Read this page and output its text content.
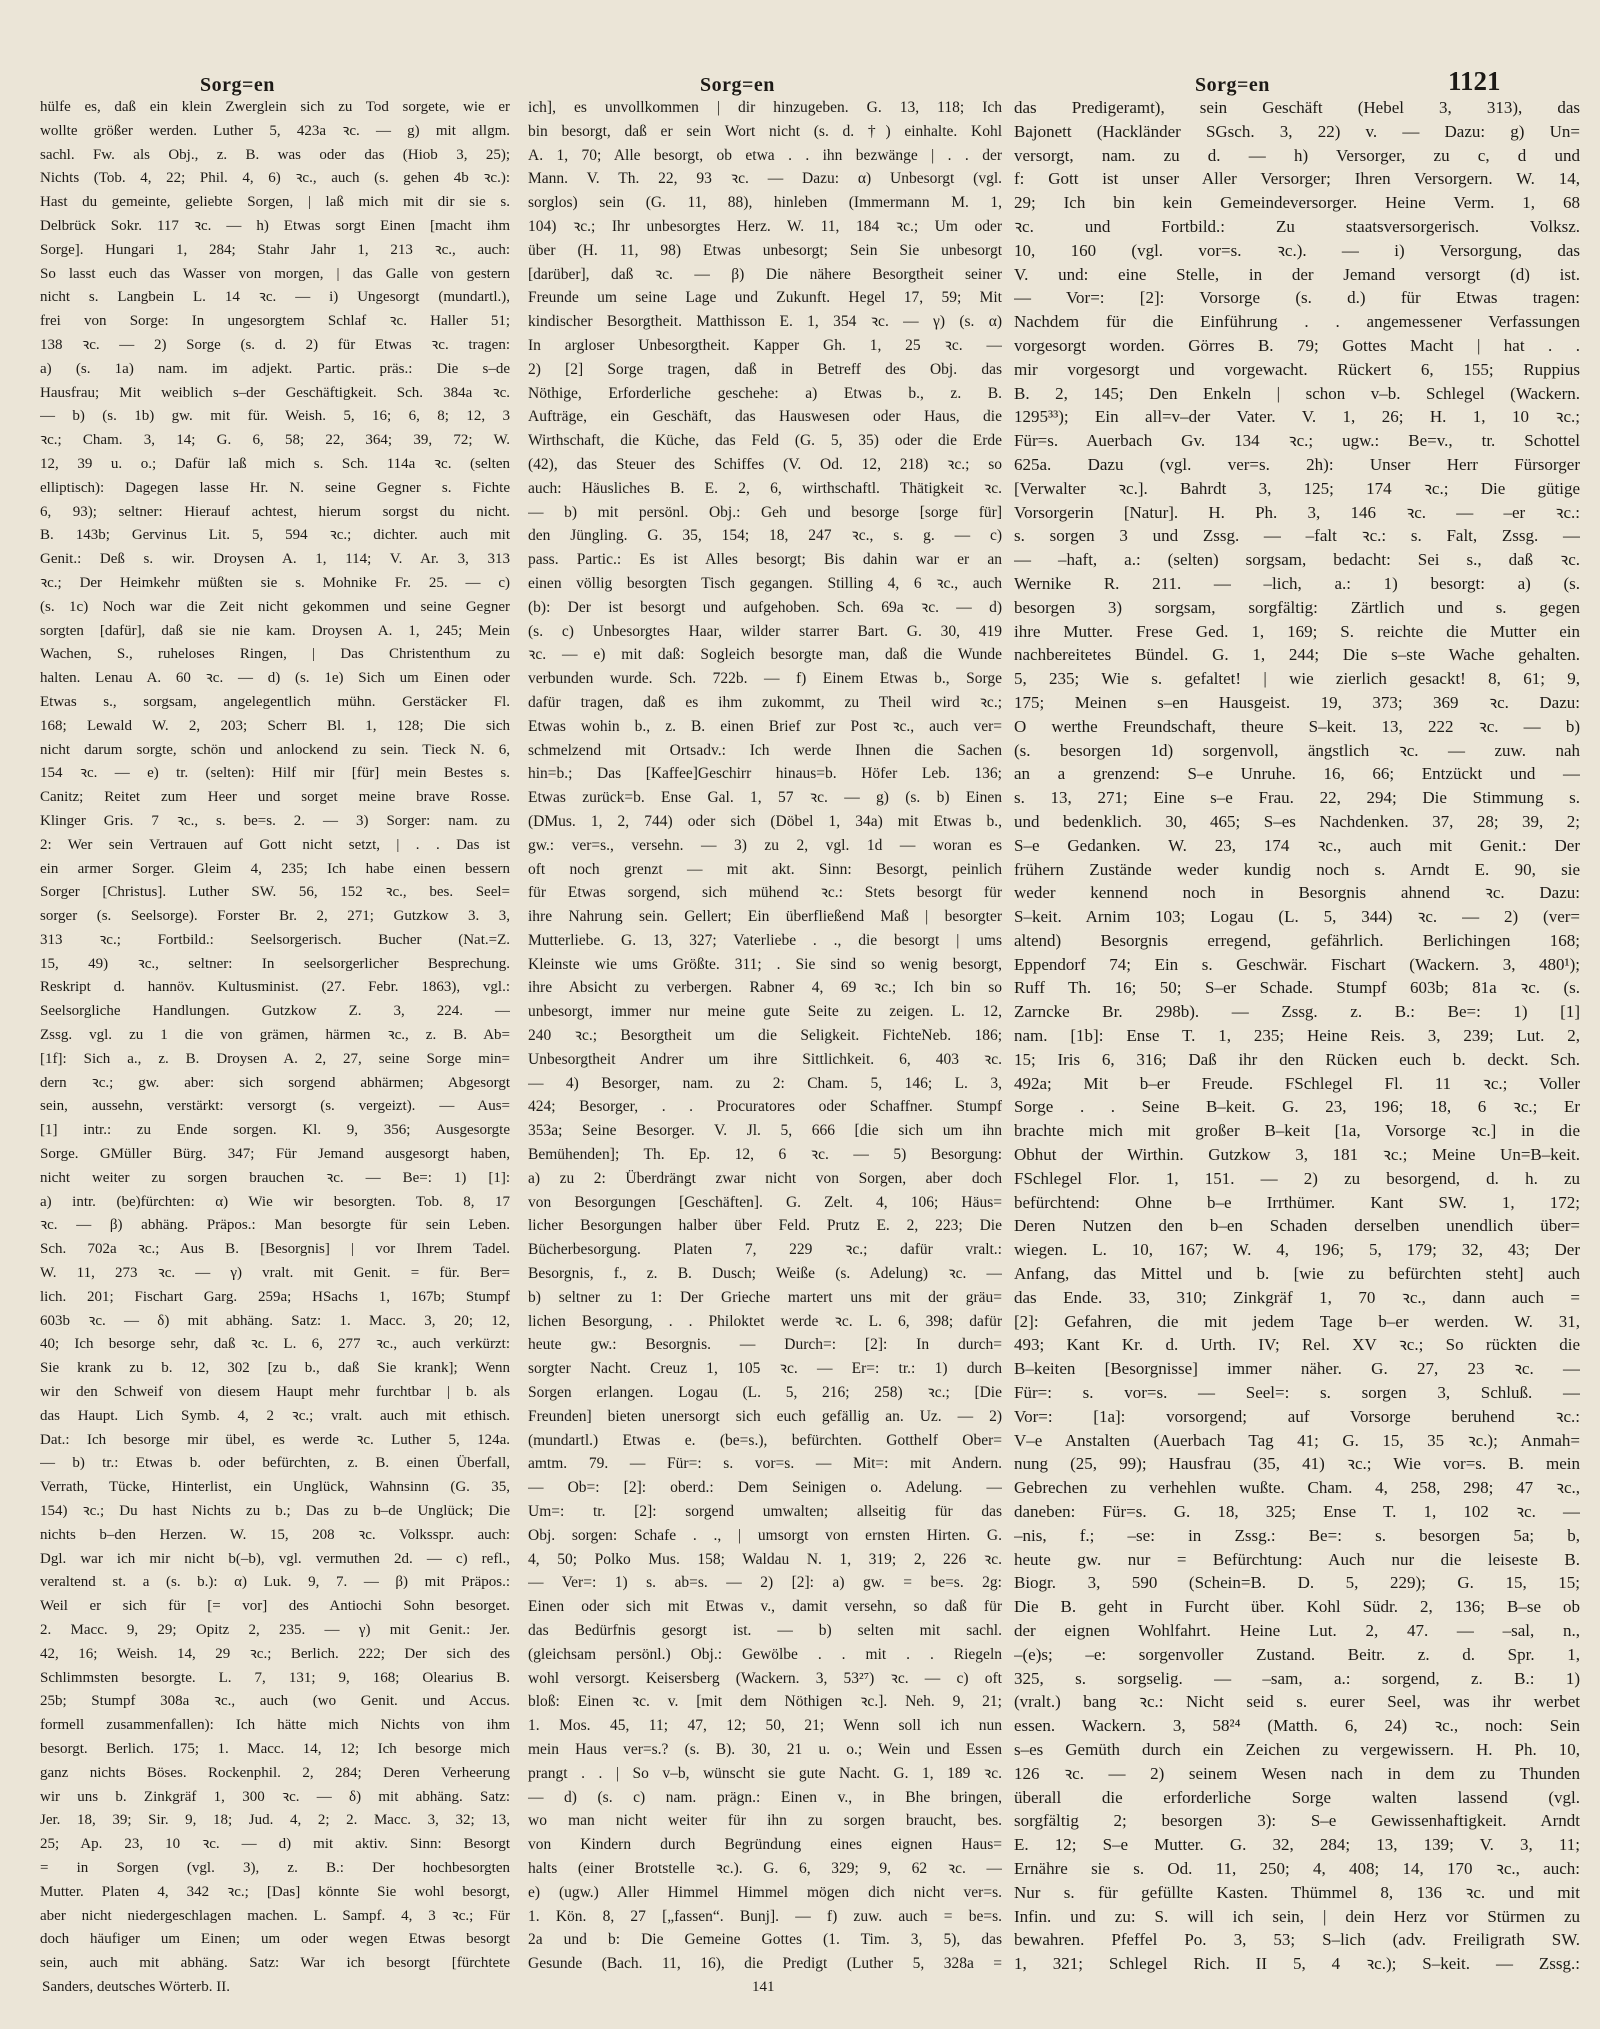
Sorg=en	Sorg=en	Sorg=en	1121
hülfe es, daß ein klein Zwerglein sich zu Tod sorgete, wie er
wollte größer werden. Luther 5, 423a ꝛc. — g) mit allgm.
sachl. Fw. als Obj., z. B. was oder das (Hiob 3, 25);
Nichts (Tob. 4, 22; Phil. 4, 6) ꝛc., auch (s. gehen 4b ꝛc.):
Hast du gemeinte, geliebte Sorgen, | laß mich mit dir sie s.
Delbrück Sokr. 117 ꝛc. — h) Etwas sorgt Einen [macht ihm
Sorge]. Hungari 1, 284; Stahr Jahr 1, 213 ꝛc., auch:
So lasst euch das Wasser von morgen, | das Galle von gestern
nicht s. Langbein L. 14 ꝛc. — i) Ungesorgt (mundartl.),
frei von Sorge: In ungesorgtem Schlaf ꝛc. Haller 51;
138 ꝛc. — 2) Sorge (s. d. 2) für Etwas ꝛc. tragen:
a) (s. 1a) nam. im adjekt. Partic. präs.: Die s–de
Hausfrau; Mit weiblich s–der Geschäftigkeit. Sch. 384a ꝛc.
— b) (s. 1b) gw. mit für. Weish. 5, 16; 6, 8; 12, 3
ꝛc.; Cham. 3, 14; G. 6, 58; 22, 364; 39, 72; W.
12, 39 u. o.; Dafür laß mich s. Sch. 114a ꝛc. (selten
elliptisch): Dagegen lasse Hr. N. seine Gegner s. Fichte
6, 93); seltner: Hierauf achtest, hierum sorgst du nicht.
B. 143b; Gervinus Lit. 5, 594 ꝛc.; dichter. auch mit
Genit.: Deß s. wir. Droysen A. 1, 114; V. Ar. 3, 313
ꝛc.; Der Heimkehr müßten sie s. Mohnike Fr. 25. — c)
(s. 1c) Noch war die Zeit nicht gekommen und seine Gegner
sorgten [dafür], daß sie nie kam. Droysen A. 1, 245; Mein
Wachen, S., ruheloses Ringen, | Das Christenthum zu
halten. Lenau A. 60 ꝛc. — d) (s. 1e) Sich um Einen oder
Etwas s., sorgsam, angelegentlich mühn. Gerstäcker Fl.
168; Lewald W. 2, 203; Scherr Bl. 1, 128; Die sich
nicht darum sorgte, schön und anlockend zu sein. Tieck N. 6,
154 ꝛc. — e) tr. (selten): Hilf mir [für] mein Bestes s.
Canitz; Reitet zum Heer und sorget meine brave Rosse.
Klinger Gris. 7 ꝛc., s. be=s. 2. — 3) Sorger: nam. zu
2: Wer sein Vertrauen auf Gott nicht setzt, | . . Das ist
ein armer Sorger. Gleim 4, 235; Ich habe einen bessern
Sorger [Christus]. Luther SW. 56, 152 ꝛc., bes. Seel=
sorger (s. Seelsorge). Forster Br. 2, 271; Gutzkow 3. 3,
313 ꝛc.; Fortbild.: Seelsorgerisch. Bucher (Nat.=Z.
15, 49) ꝛc., seltner: In seelsorgerlicher Besprechung.
Reskript d. hannöv. Kultusminist. (27. Febr. 1863), vgl.:
Seelsorgliche Handlungen. Gutzkow Z. 3, 224. —
Zssg. vgl. zu 1 die von grämen, härmen ꝛc., z. B. Ab=
[1f]: Sich a., z. B. Droysen A. 2, 27, seine Sorge min=
dern ꝛc.; gw. aber: sich sorgend abhärmen; Abgesorgt
sein, aussehn, verstärkt: versorgt (s. vergeizt). — Aus=
[1] intr.: zu Ende sorgen. Kl. 9, 356; Ausgesorgte
Sorge. GMüller Bürg. 347; Für Jemand ausgesorgt haben,
nicht weiter zu sorgen brauchen ꝛc. — Be=: 1) [1]:
a) intr. (be)fürchten: α) Wie wir besorgten. Tob. 8, 17
ꝛc. — β) abhäng. Präpos.: Man besorgte für sein Leben.
Sch. 702a ꝛc.; Aus B. [Besorgnis] | vor Ihrem Tadel.
W. 11, 273 ꝛc. — γ) vralt. mit Genit. = für. Ber=
lich. 201; Fischart Garg. 259a; HSachs 1, 167b; Stumpf
603b ꝛc. — δ) mit abhäng. Satz: 1. Macc. 3, 20; 12,
40; Ich besorge sehr, daß ꝛc. L. 6, 277 ꝛc., auch verkürzt:
Sie krank zu b. 12, 302 [zu b., daß Sie krank]; Wenn
wir den Schweif von diesem Haupt mehr furchtbar | b. als
das Haupt. Lich Symb. 4, 2 ꝛc.; vralt. auch mit ethisch.
Dat.: Ich besorge mir übel, es werde ꝛc. Luther 5, 124a.
— b) tr.: Etwas b. oder befürchten, z. B. einen Überfall,
Verrath, Tücke, Hinterlist, ein Unglück, Wahnsinn (G. 35,
154) ꝛc.; Du hast Nichts zu b.; Das zu b–de Unglück; Die
nichts b–den Herzen. W. 15, 208 ꝛc. Volksspr. auch:
Dgl. war ich mir nicht b(–b), vgl. vermuthen 2d. — c) refl.,
veraltend st. a (s. b.): α) Luk. 9, 7. — β) mit Präpos.:
Weil er sich für [= vor] des Antiochi Sohn besorget.
2. Macc. 9, 29; Opitz 2, 235. — γ) mit Genit.: Jer.
42, 16; Weish. 14, 29 ꝛc.; Berlich. 222; Der sich des
Schlimmsten besorgte. L. 7, 131; 9, 168; Olearius B.
25b; Stumpf 308a ꝛc., auch (wo Genit. und Accus.
formell zusammenfallen): Ich hätte mich Nichts von ihm
besorgt. Berlich. 175; 1. Macc. 14, 12; Ich besorge mich
ganz nichts Böses. Rockenphil. 2, 284; Deren Verheerung
wir uns b. Zinkgräf 1, 300 ꝛc. — δ) mit abhäng. Satz:
Jer. 18, 39; Sir. 9, 18; Jud. 4, 2; 2. Macc. 3, 32; 13,
25; Ap. 23, 10 ꝛc. — d) mit aktiv. Sinn: Besorgt
= in Sorgen (vgl. 3), z. B.: Der hochbesorgten
Mutter. Platen 4, 342 ꝛc.; [Das] könnte Sie wohl besorgt,
aber nicht niedergeschlagen machen. L. Sampf. 4, 3 ꝛc.; Für
doch häufiger um Einen; um oder wegen Etwas besorgt
sein, auch mit abhäng. Satz: War ich besorgt [fürchtete
ich], es unvollkommen | dir hinzugeben. G. 13, 118; Ich
bin besorgt, daß er sein Wort nicht (s. d. †) einhalte. Kohl
A. 1, 70; Alle besorgt, ob etwa . . ihn bezwänge | . . der
Mann. V. Th. 22, 93 ꝛc. — Dazu: α) Unbesorgt (vgl.
sorglos) sein (G. 11, 88), hinleben (Immermann M. 1,
104) ꝛc.; Ihr unbesorgtes Herz. W. 11, 184 ꝛc.; Um oder
über (H. 11, 98) Etwas unbesorgt; Sein Sie unbesorgt
[darüber], daß ꝛc. — β) Die nähere Besorgtheit seiner
Freunde um seine Lage und Zukunft. Hegel 17, 59; Mit
kindischer Besorgtheit. Matthisson E. 1, 354 ꝛc. — γ) (s. α)
In argloser Unbesorgtheit. Kapper Gh. 1, 25 ꝛc. —
2) [2] Sorge tragen, daß in Betreff des Obj. das
Nöthige, Erforderliche geschehe: a) Etwas b., z. B.
Aufträge, ein Geschäft, das Hauswesen oder Haus, die
Wirthschaft, die Küche, das Feld (G. 5, 35) oder die Erde
(42), das Steuer des Schiffes (V. Od. 12, 218) ꝛc.; so
auch: Häusliches B. E. 2, 6, wirthschaftl. Thätigkeit ꝛc.
— b) mit persönl. Obj.: Geh und besorge [sorge für]
den Jüngling. G. 35, 154; 18, 247 ꝛc., s. g. — c)
pass. Partic.: Es ist Alles besorgt; Bis dahin war er an
einen völlig besorgten Tisch gegangen. Stilling 4, 6 ꝛc., auch
(b): Der ist besorgt und aufgehoben. Sch. 69a ꝛc. — d)
(s. c) Unbesorgtes Haar, wilder starrer Bart. G. 30, 419
ꝛc. — e) mit daß: Sogleich besorgte man, daß die Wunde
verbunden wurde. Sch. 722b. — f) Einem Etwas b., Sorge
dafür tragen, daß es ihm zukommt, zu Theil wird ꝛc.;
Etwas wohin b., z. B. einen Brief zur Post ꝛc., auch ver=
schmelzend mit Ortsadv.: Ich werde Ihnen die Sachen
hin=b.; Das [Kaffee]Geschirr hinaus=b. Höfer Leb. 136;
Etwas zurück=b. Ense Gal. 1, 57 ꝛc. — g) (s. b) Einen
(DMus. 1, 2, 744) oder sich (Döbel 1, 34a) mit Etwas b.,
gw.: ver=s., versehn. — 3) zu 2, vgl. 1d — woran es
oft noch grenzt — mit akt. Sinn: Besorgt, peinlich
für Etwas sorgend, sich mühend ꝛc.: Stets besorgt für
ihre Nahrung sein. Gellert; Ein überfließend Maß | besorgter
Mutterliebe. G. 13, 327; Vaterliebe . ., die besorgt | ums
Kleinste wie ums Größte. 311; . Sie sind so wenig besorgt,
ihre Absicht zu verbergen. Rabner 4, 69 ꝛc.; Ich bin so
unbesorgt, immer nur meine gute Seite zu zeigen. L. 12,
240 ꝛc.; Besorgtheit um die Seligkeit. FichteNeb. 186;
Unbesorgtheit Andrer um ihre Sittlichkeit. 6, 403 ꝛc.
— 4) Besorger, nam. zu 2: Cham. 5, 146; L. 3,
424; Besorger, . . Procuratores oder Schaffner. Stumpf
353a; Seine Besorger. V. Jl. 5, 666 [die sich um ihn
Bemühenden]; Th. Ep. 12, 6 ꝛc. — 5) Besorgung:
a) zu 2: Überdrängt zwar nicht von Sorgen, aber doch
von Besorgungen [Geschäften]. G. Zelt. 4, 106; Häus=
licher Besorgungen halber über Feld. Prutz E. 2, 223; Die
Bücherbesorgung. Platen 7, 229 ꝛc.; dafür vralt.:
Besorgnis, f., z. B. Dusch; Weiße (s. Adelung) ꝛc. —
b) seltner zu 1: Der Grieche martert uns mit der gräu=
lichen Besorgung, . . Philoktet werde ꝛc. L. 6, 398; dafür
heute gw.: Besorgnis. — Durch=: [2]: In durch=
sorgter Nacht. Creuz 1, 105 ꝛc. — Er=: tr.: 1) durch
Sorgen erlangen. Logau (L. 5, 216; 258) ꝛc.; [Die
Freunden] bieten unersorgt sich euch gefällig an. Uz. — 2)
(mundartl.) Etwas e. (be=s.), befürchten. Gotthelf Ober=
amtm. 79. — Für=: s. vor=s. — Mit=: mit Andern.
— Ob=: [2]: oberd.: Dem Seinigen o. Adelung. —
Um=: tr. [2]: sorgend umwalten; allseitig für das
Obj. sorgen: Schafe . ., | umsorgt von ernsten Hirten. G.
4, 50; Polko Mus. 158; Waldau N. 1, 319; 2, 226 ꝛc.
— Ver=: 1) s. ab=s. — 2) [2]: a) gw. = be=s. 2g:
Einen oder sich mit Etwas v., damit versehn, so daß für
das Bedürfnis gesorgt ist. — b) selten mit sachl.
(gleichsam persönl.) Obj.: Gewölbe . . mit . . Riegeln
wohl versorgt. Keisersberg (Wackern. 3, 53²⁷) ꝛc. — c) oft
bloß: Einen ꝛc. v. [mit dem Nöthigen ꝛc.]. Neh. 9, 21;
1. Mos. 45, 11; 47, 12; 50, 21; Wenn soll ich nun
mein Haus ver=s.? (s. B). 30, 21 u. o.; Wein und Essen
prangt . . | So v–b, wünscht sie gute Nacht. G. 1, 189 ꝛc.
— d) (s. c) nam. prägn.: Einen v., in Bhe bringen,
wo man nicht weiter für ihn zu sorgen braucht, bes.
von Kindern durch Begründung eines eignen Haus=
halts (einer Brotstelle ꝛc.). G. 6, 329; 9, 62 ꝛc. —
e) (ugw.) Aller Himmel Himmel mögen dich nicht ver=s.
1. Kön. 8, 27 [„fassen“. Bunj]. — f) zuw. auch = be=s.
2a und b: Die Gemeine Gottes (1. Tim. 3, 5), das
Gesunde (Bach. 11, 16), die Predigt (Luther 5, 328a =
das Predigeramt), sein Geschäft (Hebel 3, 313), das
Bajonett (Hackländer SGsch. 3, 22) v. — Dazu: g) Un=
versorgt, nam. zu d. — h) Versorger, zu c, d und
f: Gott ist unser Aller Versorger; Ihren Versorgern. W. 14,
29; Ich bin kein Gemeindeversorger. Heine Verm. 1, 68
ꝛc. und Fortbild.: Zu staatsversorgerisch. Volksz.
10, 160 (vgl. vor=s. ꝛc.). — i) Versorgung, das
V. und: eine Stelle, in der Jemand versorgt (d) ist.
— Vor=: [2]: Vorsorge (s. d.) für Etwas tragen:
Nachdem für die Einführung . . angemessener Verfassungen
vorgesorgt worden. Görres B. 79; Gottes Macht | hat . .
mir vorgesorgt und vorgewacht. Rückert 6, 155; Ruppius
B. 2, 145; Den Enkeln | schon v–b. Schlegel (Wackern.
1295³³); Ein all=v–der Vater. V. 1, 26; H. 1, 10 ꝛc.;
Für=s. Auerbach Gv. 134 ꝛc.; ugw.: Be=v., tr. Schottel
625a. Dazu (vgl. ver=s. 2h): Unser Herr Fürsorger
[Verwalter ꝛc.]. Bahrdt 3, 125; 174 ꝛc.; Die gütige
Vorsorgerin [Natur]. H. Ph. 3, 146 ꝛc. — –er ꝛc.:
s. sorgen 3 und Zssg. — –falt ꝛc.: s. Falt, Zssg. —
— –haft, a.: (selten) sorgsam, bedacht: Sei s., daß ꝛc.
Wernike R. 211. — –lich, a.: 1) besorgt: a) (s.
besorgen 3) sorgsam, sorgfältig: Zärtlich und s. gegen
ihre Mutter. Frese Ged. 1, 169; S. reichte die Mutter ein
nachbereitetes Bündel. G. 1, 244; Die s–ste Wache gehalten.
5, 235; Wie s. gefaltet! | wie zierlich gesackt! 8, 61; 9,
175; Meinen s–en Hausgeist. 19, 373; 369 ꝛc. Dazu:
O werthe Freundschaft, theure S–keit. 13, 222 ꝛc. — b)
(s. besorgen 1d) sorgenvoll, ängstlich ꝛc. — zuw. nah
an a grenzend: S–e Unruhe. 16, 66; Entzückt und —
s. 13, 271; Eine s–e Frau. 22, 294; Die Stimmung s.
und bedenklich. 30, 465; S–es Nachdenken. 37, 28; 39, 2;
S–e Gedanken. W. 23, 174 ꝛc., auch mit Genit.: Der
frühern Zustände weder kundig noch s. Arndt E. 90, sie
weder kennend noch in Besorgnis ahnend ꝛc. Dazu:
S–keit. Arnim 103; Logau (L. 5, 344) ꝛc. — 2) (ver=
altend) Besorgnis erregend, gefährlich. Berlichingen 168;
Eppendorf 74; Ein s. Geschwär. Fischart (Wackern. 3, 480¹);
Ruff Th. 16; 50; S–er Schade. Stumpf 603b; 81a ꝛc. (s.
Zarncke Br. 298b). — Zssg. z. B.: Be=: 1) [1]
nam. [1b]: Ense T. 1, 235; Heine Reis. 3, 239; Lut. 2,
15; Iris 6, 316; Daß ihr den Rücken euch b. deckt. Sch.
492a; Mit b–er Freude. FSchlegel Fl. 11 ꝛc.; Voller
Sorge . . Seine B–keit. G. 23, 196; 18, 6 ꝛc.; Er
brachte mich mit großer B–keit [1a, Vorsorge ꝛc.] in die
Obhut der Wirthin. Gutzkow 3, 181 ꝛc.; Meine Un=B–keit.
FSchlegel Flor. 1, 151. — 2) zu besorgend, d. h. zu
befürchtend: Ohne b–e Irrthümer. Kant SW. 1, 172;
Deren Nutzen den b–en Schaden derselben unendlich über=
wiegen. L. 10, 167; W. 4, 196; 5, 179; 32, 43; Der
Anfang, das Mittel und b. [wie zu befürchten steht] auch
das Ende. 33, 310; Zinkgräf 1, 70 ꝛc., dann auch =
[2]: Gefahren, die mit jedem Tage b–er werden. W. 31,
493; Kant Kr. d. Urth. IV; Rel. XV ꝛc.; So rückten die
B–keiten [Besorgnisse] immer näher. G. 27, 23 ꝛc. —
Für=: s. vor=s. — Seel=: s. sorgen 3, Schluß. —
Vor=: [1a]: vorsorgend; auf Vorsorge beruhend ꝛc.:
V–e Anstalten (Auerbach Tag 41; G. 15, 35 ꝛc.); Anmah=
nung (25, 99); Hausfrau (35, 41) ꝛc.; Wie vor=s. B. mein
Gebrechen zu verhehlen wußte. Cham. 4, 258, 298; 47 ꝛc.,
daneben: Für=s. G. 18, 325; Ense T. 1, 102 ꝛc. —
–nis, f.; –se: in Zssg.: Be=: s. besorgen 5a; b,
heute gw. nur = Befürchtung: Auch nur die leiseste B.
Biogr. 3, 590 (Schein=B. D. 5, 229); G. 15, 15;
Die B. geht in Furcht über. Kohl Südr. 2, 136; B–se ob
der eignen Wohlfahrt. Heine Lut. 2, 47. — –sal, n.,
–(e)s; –e: sorgenvoller Zustand. Beitr. z. d. Spr. 1,
325, s. sorgselig. — –sam, a.: sorgend, z. B.: 1)
(vralt.) bang ꝛc.: Nicht seid s. eurer Seel, was ihr werbet
essen. Wackern. 3, 58²⁴ (Matth. 6, 24) ꝛc., noch: Sein
s–es Gemüth durch ein Zeichen zu vergewissern. H. Ph. 10,
126 ꝛc. — 2) seinem Wesen nach in dem zu Thunden
überall die erforderliche Sorge walten lassend (vgl.
sorgfältig 2; besorgen 3): S–e Gewissenhaftigkeit. Arndt
E. 12; S–e Mutter. G. 32, 284; 13, 139; V. 3, 11;
Ernähre sie s. Od. 11, 250; 4, 408; 14, 170 ꝛc., auch:
Nur s. für gefüllte Kasten. Thümmel 8, 136 ꝛc. und mit
Infin. und zu: S. will ich sein, | dein Herz vor Stürmen zu
bewahren. Pfeffel Po. 3, 53; S–lich (adv. Freiligrath SW.
1, 321; Schlegel Rich. II 5, 4 ꝛc.); S–keit. — Zssg.:
Sanders, deutsches Wörterb. II.	141
